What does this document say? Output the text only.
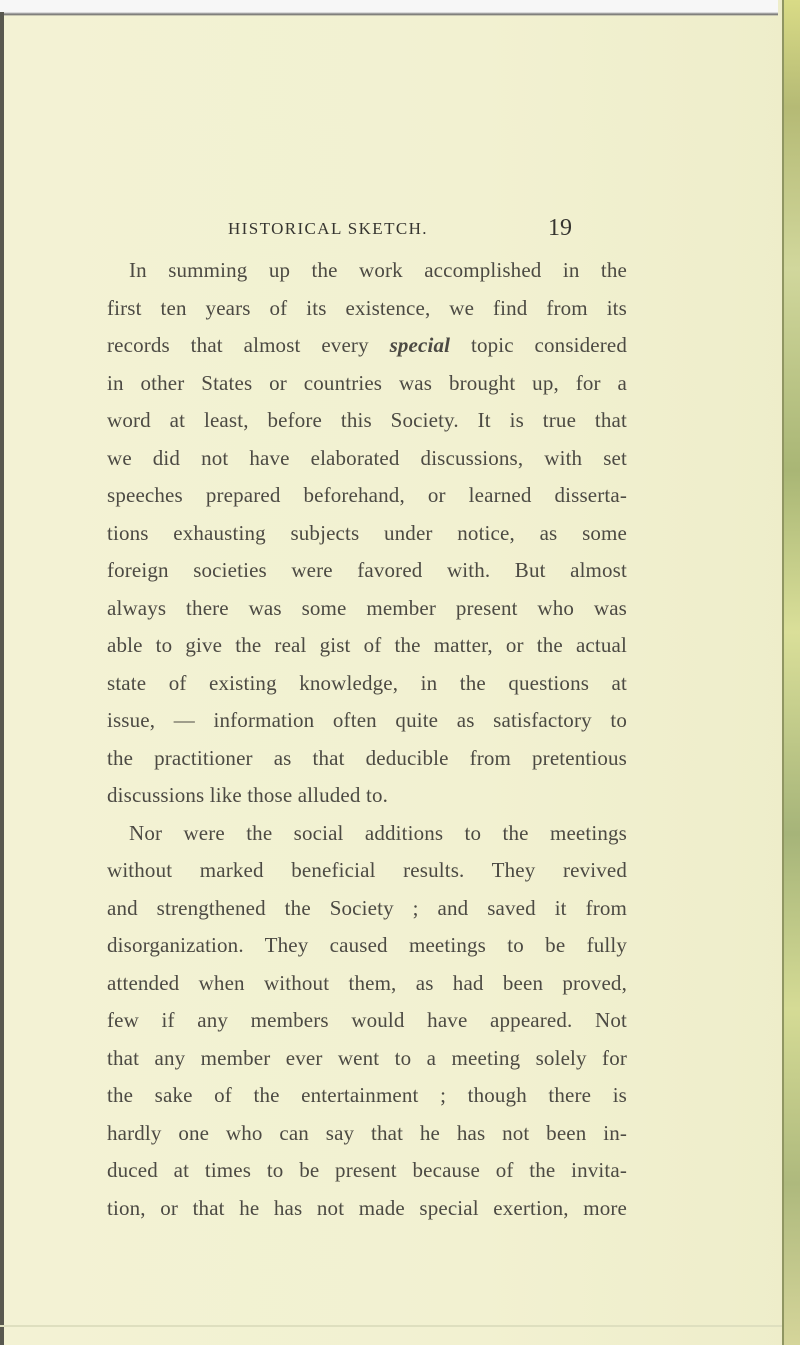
HISTORICAL SKETCH.	19
In summing up the work accomplished in the
first ten years of its existence, we find from its
records that almost every special topic considered
in other States or countries was brought up, for a
word at least, before this Society. It is true that
we did not have elaborated discussions, with set
speeches prepared beforehand, or learned disserta-
tions exhausting subjects under notice, as some
foreign societies were favored with. But almost
always there was some member present who was
able to give the real gist of the matter, or the actual
state of existing knowledge, in the questions at
issue, — information often quite as satisfactory to
the practitioner as that deducible from pretentious
discussions like those alluded to.
Nor were the social additions to the meetings
without marked beneficial results. They revived
and strengthened the Society ; and saved it from
disorganization. They caused meetings to be fully
attended when without them, as had been proved,
few if any members would have appeared. Not
that any member ever went to a meeting solely for
the sake of the entertainment ; though there is
hardly one who can say that he has not been in-
duced at times to be present because of the invita-
tion, or that he has not made special exertion, more
